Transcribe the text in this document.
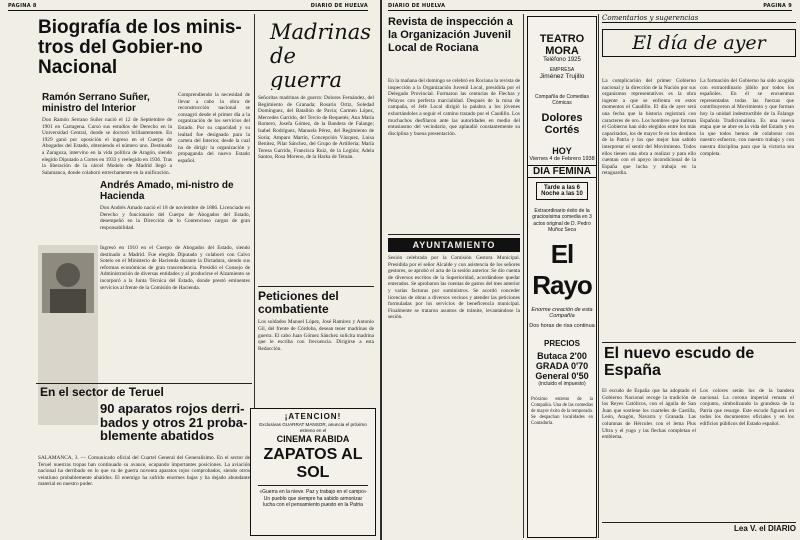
PAGINA 8	DIARIO DE HUELVA

Biografía de los minis-tros del Gobier-no Nacional

Ramón Serrano Suñer, ministro del Interior

Don Ramón Serrano Suñer nació el 12 de Septiembre de 1901 en Cartagena. Cursó sus estudios de Derecho en la Universidad Central, donde se doctoró brillantemente. En 1929 ganó por oposición el ingreso en el Cuerpo de Abogados del Estado, obteniendo el número uno. Destinado a Zaragoza, intervino en la vida política de Aragón, siendo elegido Diputado a Cortes en 1933 y reelegido en 1936. Tras la liberación de la cárcel Modelo de Madrid llegó a Salamanca, donde colaboró estrechamente en la unificación.

Comprendiendo la necesidad de llevar a cabo la obra de reconstrucción nacional se consagró desde el primer día a la organización de los servicios del Estado. Por su capacidad y su lealtad fue designado para la cartera del Interior, desde la cual ha de dirigir la organización y propaganda del nuevo Estado español.

Andrés Amado, mi-nistro de Hacienda

Don Andrés Amado nació el 18 de noviembre de 1886. Licenciado en Derecho y funcionario del Cuerpo de Abogados del Estado, desempeñó en la Dirección de lo Contencioso cargos de gran responsabilidad.

Ingresó en 1910 en el Cuerpo de Abogados del Estado, siendo destinado a Madrid. Fue elegido Diputado y colaboró con Calvo Sotelo en el Ministerio de Hacienda durante la Dictadura, siendo sus reformas económicas de gran trascendencia. Presidió el Consejo de Administración de diversas entidades y al producirse el Alzamiento se incorporó a la Junta Técnica del Estado, donde prestó eminentes servicios al frente de la Comisión de Hacienda.

En el sector de Teruel

90 aparatos rojos derri-bados y otros 21 proba-blemente abatidos

SALAMANCA, 3. — Comunicado oficial del Cuartel General del Generalísimo. En el sector de Teruel nuestras tropas han continuado su avance, ocupando importantes posiciones. La aviación nacional ha derribado en lo que va de guerra noventa aparatos rojos comprobados, siendo otros veintiuno probablemente abatidos. El enemigo ha sufrido enormes bajas y ha dejado abundante material en nuestro poder.

Madrinas de guerra

Señoritas madrinas de guerra: Dolores Fernández, del Regimiento de Granada; Rosario Ortiz, Soledad Domínguez, del Batallón de Pavía; Carmen López, Mercedes Garrido, del Tercio de Requetés; Ana María Romero, Josefa Gómez, de la Bandera de Falange; Isabel Rodríguez, Manuela Pérez, del Regimiento de Soria; Amparo Martín, Concepción Vázquez, Luisa Benítez, Pilar Sánchez, del Grupo de Artillería; María Teresa Garrido, Francisca Ruiz, de la Legión; Adela Santos, Rosa Moreno, de la Harka de Tetuán.

Peticiones del combatiente

Los soldados Manuel López, José Ramírez y Antonio Gil, del frente de Córdoba, desean tener madrinas de guerra. El cabo Juan Gómez Sánchez solicita madrina que le escriba con frecuencia. Dirigirse a esta Redacción.

¡ATENCION!
Exclusivas GUARRAT MANSOR, anuncia el próximo estreno en el
CINEMA RABIDA
ZAPATOS AL SOL
«Guerra en la nieve. Paz y trabajo en el campo»
Un pueblo que siempre ha sabido armonizar
lucha con el pensamiento puesto en la Patria
DIARIO DE HUELVA	PAGINA 9

Revista de inspección a la Organización Juvenil Local de Rociana

En la mañana del domingo se celebró en Rociana la revista de inspección a la Organización Juvenil Local, presidida por el Delegado Provincial. Formaron las centurias de Flechas y Pelayos con perfecta marcialidad. Después de la misa de campaña, el Jefe Local dirigió la palabra a los jóvenes exhortándoles a seguir el camino trazado por el Caudillo. Los muchachos desfilaron ante las autoridades en medio del entusiasmo del vecindario, que aplaudió constantemente su disciplina y buena presentación.

AYUNTAMIENTO

Sesión celebrada por la Comisión Gestora Municipal. Presidida por el señor Alcalde y con asistencia de los señores gestores, se aprobó el acta de la sesión anterior. Se dio cuenta de diversos escritos de la Superioridad, acordándose quedar enterados. Se aprobaron las cuentas de gastos del mes anterior y varias facturas por suministros. Se acordó conceder licencias de obras a diversos vecinos y atender las peticiones formuladas por los servicios de beneficencia municipal. Finalmente se trataron asuntos de trámite, levantándose la sesión.

TEATRO MORA
Teléfono 1925
EMPRESA
Jiménez Trujillo
Compañía de Comedias Cómicas
Dolores Cortés
HOY
Viernes 4 de Febrero 1938
DIA FEMINA
Tarde a las 6 Noche a las 10
Extraordinario éxito de la graciosísima comedia en 3 actos original de D. Pedro Muñoz Seca
El Rayo
Enorme creación de esta Compañía
Dos horas de risa continua
PRECIOS
Butaca 2'00
GRADA 0'70
General 0'50
(incluido el impuesto)

Próximo estreno de la Compañía. Una de las comedias de mayor éxito de la temporada. Se despachan localidades en Contaduría.

Comentarios y sugerencias

El día de ayer

La complicación del primer Gobierno nacional y la dirección de la Nación por sus organismos representativos es la obra ingente a que se enfrenta en estos momentos el Caudillo. El día de ayer será una fecha que la historia registrará con caracteres de oro. Los hombres que forman el Gobierno han sido elegidos entre los más capacitados, los de mayor fe en los destinos de la Patria y los que mejor han sabido interpretar el sentir del Movimiento. Todos ellos tienen una obra a realizar y para ello cuentan con el apoyo incondicional de la España que lucha y trabaja en la retaguardia.

La formación del Gobierno ha sido acogida con extraordinario júbilo por todos los españoles. En él se encuentran representadas todas las fuerzas que contribuyeron al Movimiento y que forman hoy la unidad indestructible de la Falange Española Tradicionalista. Es una nueva etapa que se abre en la vida del Estado y en la que todos hemos de colaborar con nuestro esfuerzo, con nuestro trabajo y con nuestra disciplina para que la victoria sea completa.

El nuevo escudo de España

El escudo de España que ha adoptado el Gobierno Nacional recoge la tradición de los Reyes Católicos, con el águila de San Juan que sostiene los cuarteles de Castilla, León, Aragón, Navarra y Granada. Las columnas de Hércules con el lema Plus Ultra y el yugo y las flechas completan el emblema.

Los colores serán los de la bandera nacional. La corona imperial remata el conjunto, simbolizando la grandeza de la Patria que resurge. Este escudo figurará en todos los documentos oficiales y en los edificios públicos del Estado español.

Lea V. el DIARIO
